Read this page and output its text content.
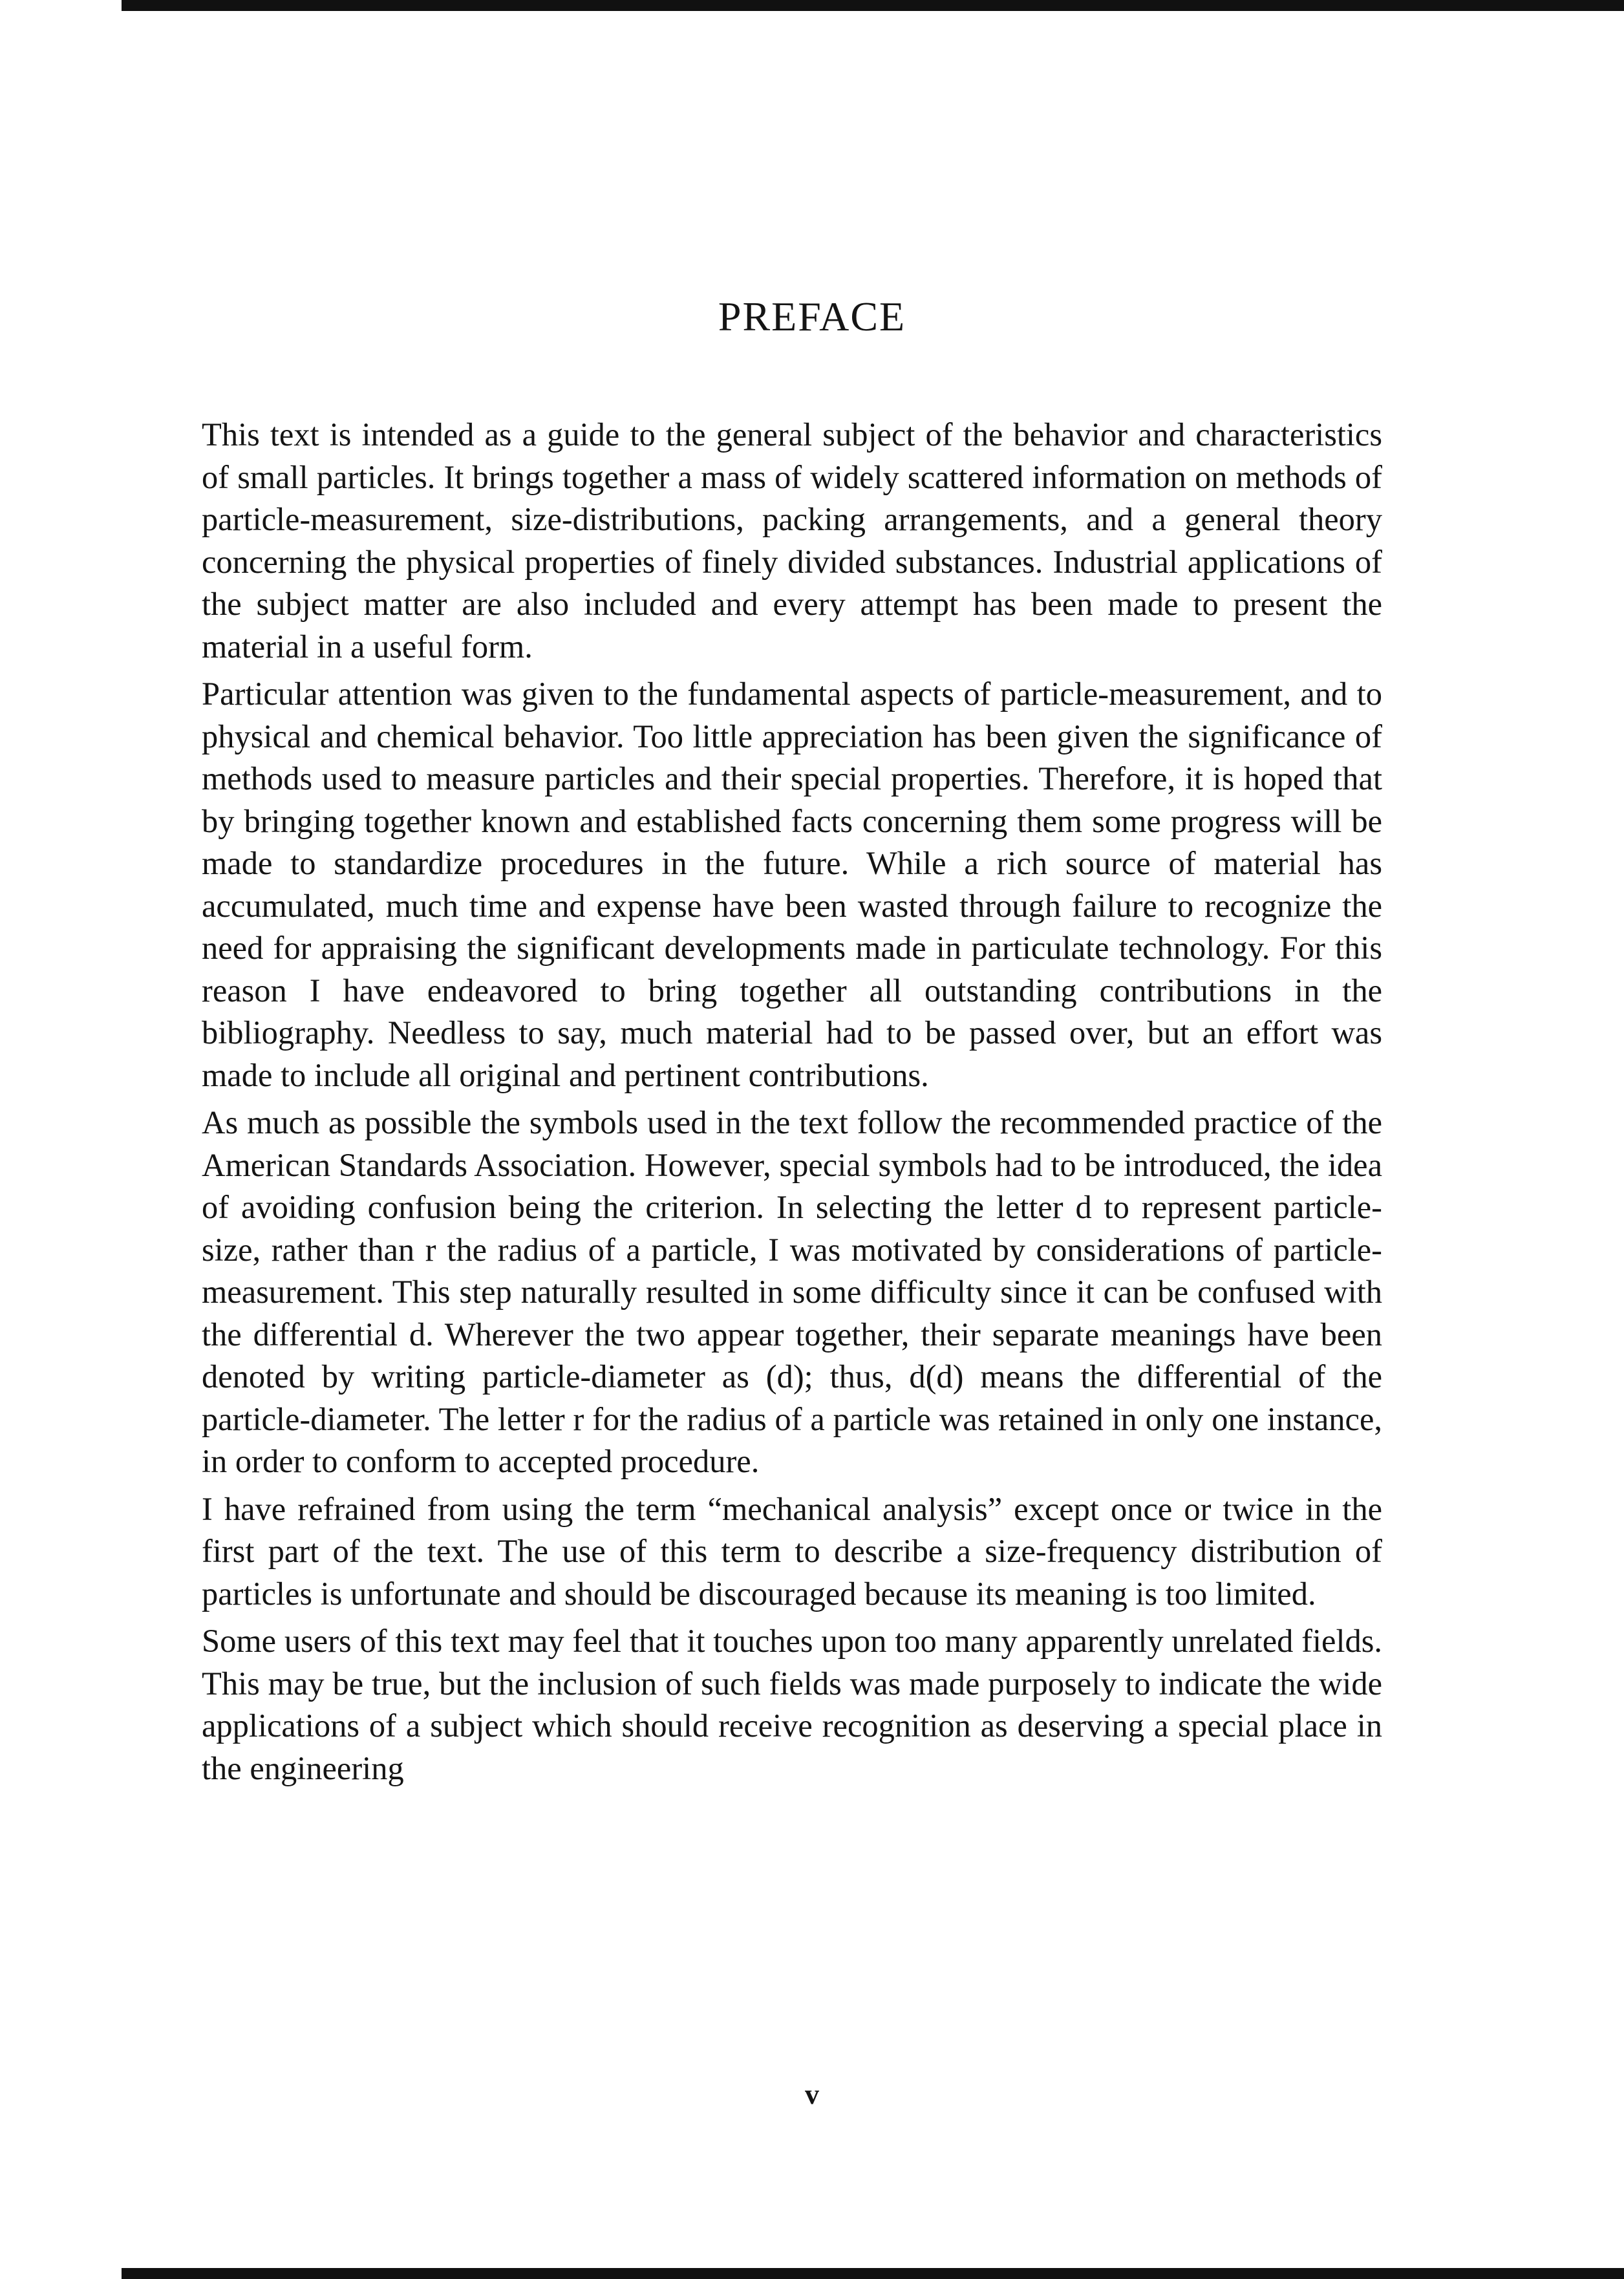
PREFACE

This text is intended as a guide to the general subject of the behavior and characteristics of small particles. It brings together a mass of widely scattered information on methods of particle-measurement, size-distributions, packing arrangements, and a general theory concerning the physical properties of finely divided substances. Industrial applications of the subject matter are also included and every attempt has been made to present the material in a useful form.

Particular attention was given to the fundamental aspects of particle-measurement, and to physical and chemical behavior. Too little appreciation has been given the significance of methods used to measure particles and their special properties. Therefore, it is hoped that by bringing together known and established facts concerning them some progress will be made to standardize procedures in the future. While a rich source of material has accumulated, much time and expense have been wasted through failure to recognize the need for appraising the significant developments made in particulate technology. For this reason I have endeavored to bring together all outstanding contributions in the bibliography. Needless to say, much material had to be passed over, but an effort was made to include all original and pertinent contributions.

As much as possible the symbols used in the text follow the recommended practice of the American Standards Association. However, special symbols had to be introduced, the idea of avoiding confusion being the criterion. In selecting the letter d to represent particle-size, rather than r the radius of a particle, I was motivated by considerations of particle-measurement. This step naturally resulted in some difficulty since it can be confused with the differential d. Wherever the two appear together, their separate meanings have been denoted by writing particle-diameter as (d); thus, d(d) means the differential of the particle-diameter. The letter r for the radius of a particle was retained in only one instance, in order to conform to accepted procedure.

I have refrained from using the term “mechanical analysis” except once or twice in the first part of the text. The use of this term to describe a size-frequency distribution of particles is unfortunate and should be discouraged because its meaning is too limited.

Some users of this text may feel that it touches upon too many apparently unrelated fields. This may be true, but the inclusion of such fields was made purposely to indicate the wide applications of a subject which should receive recognition as deserving a special place in the engineering

v
